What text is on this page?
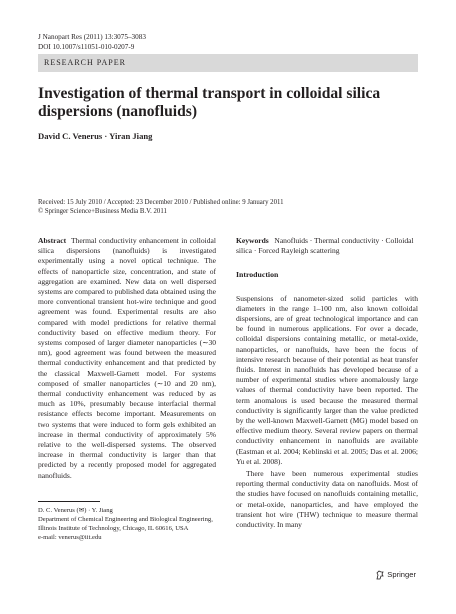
J Nanopart Res (2011) 13:3075–3083
DOI 10.1007/s11051-010-0207-9
RESEARCH PAPER
Investigation of thermal transport in colloidal silica dispersions (nanofluids)
David C. Venerus · Yiran Jiang
Received: 15 July 2010 / Accepted: 23 December 2010 / Published online: 9 January 2011
© Springer Science+Business Media B.V. 2011

Abstract Thermal conductivity enhancement in colloidal silica dispersions (nanofluids) is investigated experimentally using a novel optical technique. The effects of nanoparticle size, concentration, and state of aggregation are examined. New data on well dispersed systems are compared to published data obtained using the more conventional transient hot-wire technique and good agreement was found. Experimental results are also compared with model predictions for relative thermal conductivity based on effective medium theory. For systems composed of larger diameter nanoparticles (∼30 nm), good agreement was found between the measured thermal conductivity enhancement and that predicted by the classical Maxwell-Garnett model. For systems composed of smaller nanoparticles (∼10 and 20 nm), thermal conductivity enhancement was reduced by as much as 10%, presumably because interfacial thermal resistance effects become important. Measurements on two systems that were induced to form gels exhibited an increase in thermal conductivity of approximately 5% relative to the well-dispersed systems. The observed increase in thermal conductivity is larger than that predicted by a recently proposed model for aggregated nanofluids.

D. C. Venerus (✉) · Y. Jiang
Department of Chemical Engineering and Biological Engineering, Illinois Institute of Technology, Chicago, IL 60616, USA
e-mail: venerus@iit.edu

Keywords Nanofluids · Thermal conductivity · Colloidal silica · Forced Rayleigh scattering

Introduction

Suspensions of nanometer-sized solid particles with diameters in the range 1–100 nm, also known colloidal dispersions, are of great technological importance and can be found in numerous applications. For over a decade, colloidal dispersions containing metallic, or metal-oxide, nanoparticles, or nanofluids, have been the focus of intensive research because of their potential as heat transfer fluids. Interest in nanofluids has developed because of a number of experimental studies where anomalously large values of thermal conductivity have been reported. The term anomalous is used because the measured thermal conductivity is significantly larger than the value predicted by the well-known Maxwell-Garnett (MG) model based on effective medium theory. Several review papers on thermal conductivity enhancement in nanofluids are available (Eastman et al. 2004; Keblinski et al. 2005; Das et al. 2006; Yu et al. 2008).

There have been numerous experimental studies reporting thermal conductivity data on nanofluids. Most of the studies have focused on nanofluids containing metallic, or metal-oxide, nanoparticles, and have employed the transient hot wire (THW) technique to measure thermal conductivity. In many

Springer
